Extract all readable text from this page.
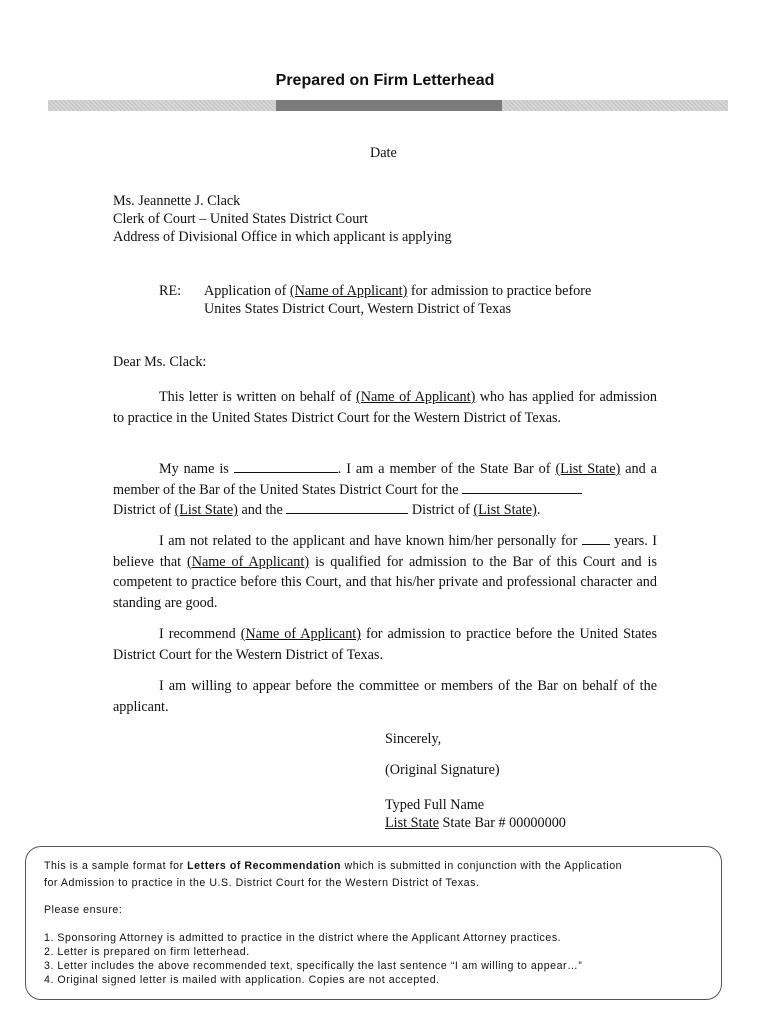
Prepared on Firm Letterhead
Date
Ms. Jeannette J. Clack
Clerk of Court – United States District Court
Address of Divisional Office in which applicant is applying
RE: Application of (Name of Applicant) for admission to practice before
Unites States District Court, Western District of Texas
Dear Ms. Clack:
This letter is written on behalf of (Name of Applicant) who has applied for admission to practice in the United States District Court for the Western District of Texas.
My name is	. I am a member of the State Bar of (List State) and a member of the Bar of the United States District Court for the
District of (List State) and the	District of (List State).
I am not related to the applicant and have known him/her personally for  years. I believe that (Name of Applicant) is qualified for admission to the Bar of this Court and is competent to practice before this Court, and that his/her private and professional character and standing are good.
I recommend (Name of Applicant) for admission to practice before the United States District Court for the Western District of Texas.
I am willing to appear before the committee or members of the Bar on behalf of the applicant.
Sincerely,
(Original Signature)
Typed Full Name
List State State Bar # 00000000
This is a sample format for Letters of Recommendation which is submitted in conjunction with the Application
for Admission to practice in the U.S. District Court for the Western District of Texas.
Please ensure:
1. Sponsoring Attorney is admitted to practice in the district where the Applicant Attorney practices.
2. Letter is prepared on firm letterhead.
3. Letter includes the above recommended text, specifically the last sentence “I am willing to appear…”
4. Original signed letter is mailed with application. Copies are not accepted.
